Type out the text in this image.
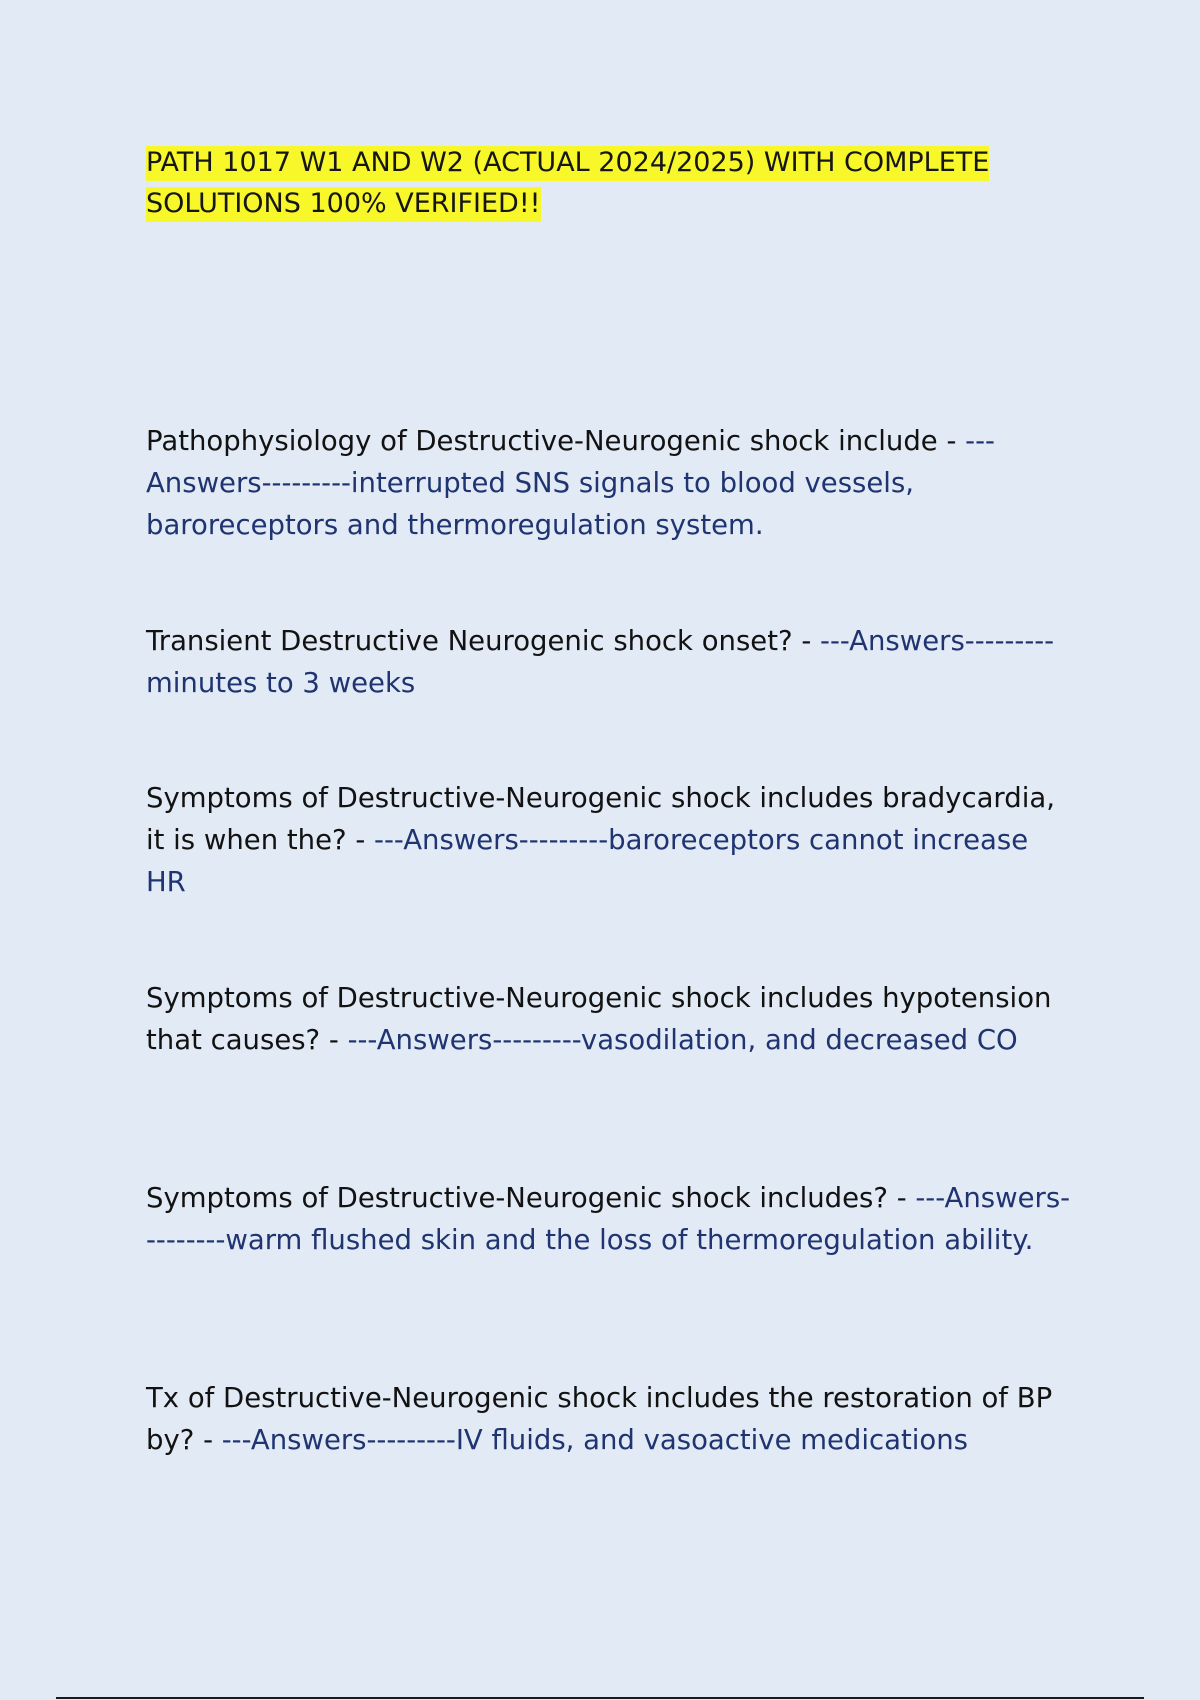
PATH 1017 W1 AND W2 (ACTUAL 2024/2025) WITH COMPLETE SOLUTIONS 100% VERIFIED!!

Pathophysiology of Destructive-Neurogenic shock include - ---Answers---------interrupted SNS signals to blood vessels, baroreceptors and thermoregulation system.

Transient Destructive Neurogenic shock onset? - ---Answers---------minutes to 3 weeks

Symptoms of Destructive-Neurogenic shock includes bradycardia, it is when the? - ---Answers---------baroreceptors cannot increase HR

Symptoms of Destructive-Neurogenic shock includes hypotension that causes? - ---Answers---------vasodilation, and decreased CO

Symptoms of Destructive-Neurogenic shock includes? - ---Answers---------warm flushed skin and the loss of thermoregulation ability.

Tx of Destructive-Neurogenic shock includes the restoration of BP by? - ---Answers---------IV fluids, and vasoactive medications
